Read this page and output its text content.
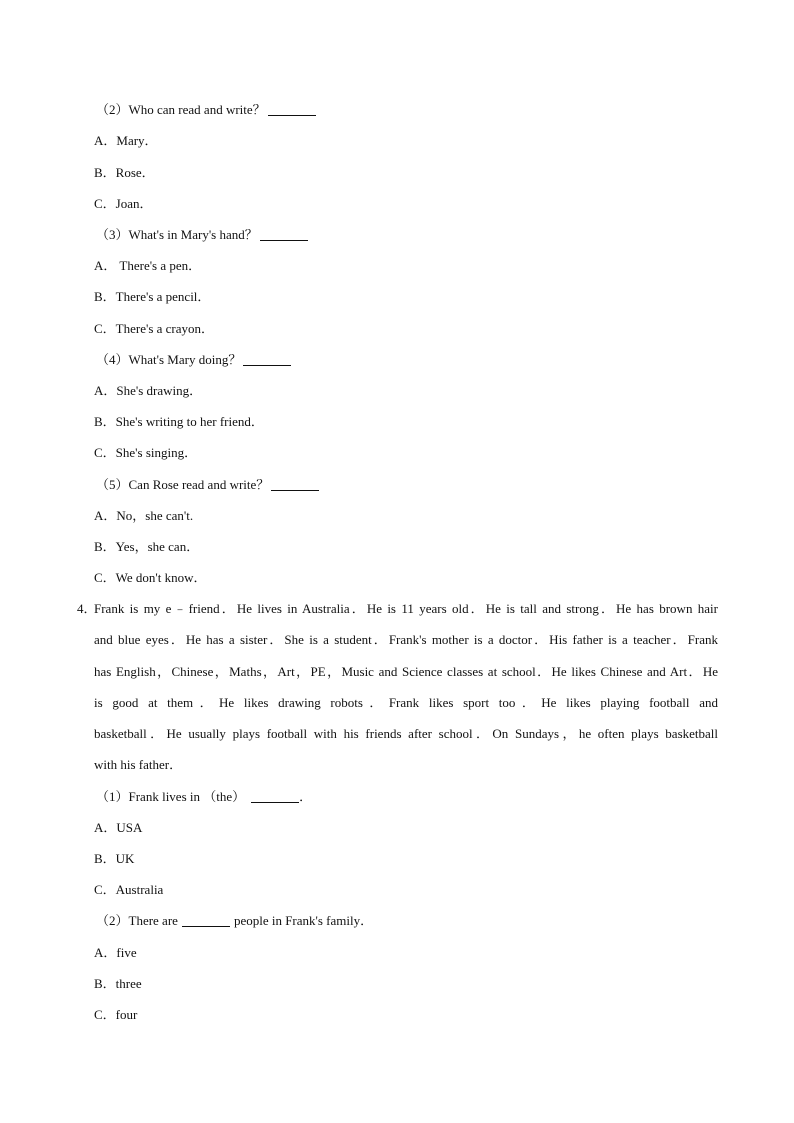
（2）Who can read and write？
A．Mary．
B．Rose．
C．Joan．
（3）What's in Mary's hand？
A． There's a pen．
B．There's a pencil．
C．There's a crayon．
（4）What's Mary doing？
A．She's drawing．
B．She's writing to her friend．
C．She's singing．
（5）Can Rose read and write？
A．No，she can't.
B．Yes，she can．
C．We don't know．
4．
Frank is my e﹣friend．He lives in Australia．He is 11 years old．He is tall and strong．He has brown hair
and blue eyes．He has a sister．She is a student．Frank's mother is a doctor．His father is a teacher．Frank
has English，Chinese，Maths，Art，PE，Music and Science classes at school．He likes Chinese and Art．He
is good at them．He likes drawing robots．Frank likes sport too．He likes playing football and
basketball．He usually plays football with his friends after school．On Sundays，he often plays basketball
with his father．
（1）Frank lives in （the）	．
A．USA
B．UK
C．Australia
（2）There are	people in Frank's family．
A．five
B．three
C．four
